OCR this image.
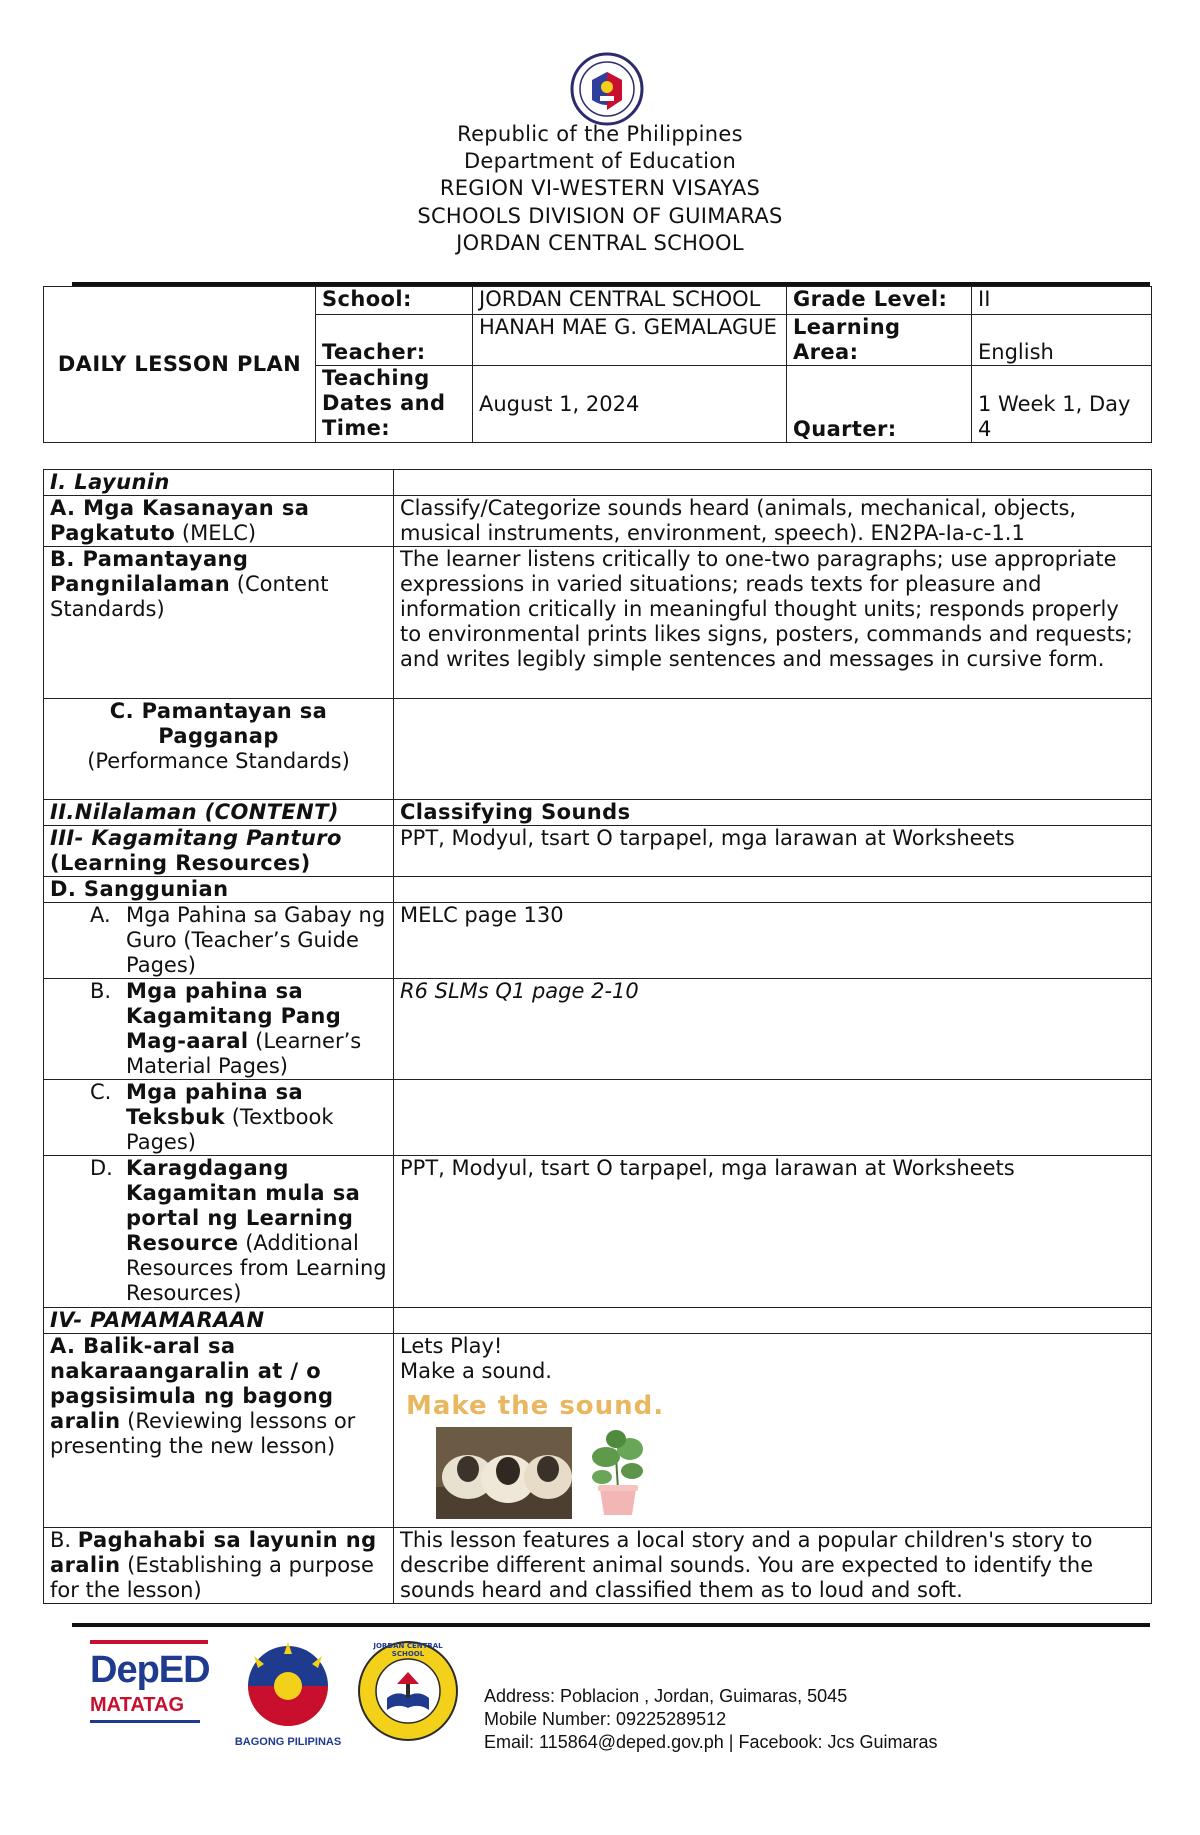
Republic of the Philippines
Department of Education
REGION VI-WESTERN VISAYAS
SCHOOLS DIVISION OF GUIMARAS
JORDAN CENTRAL SCHOOL
DAILY LESSON PLAN	School:	JORDAN CENTRAL SCHOOL	Grade Level:	II
	Teacher:	HANAH MAE G. GEMALAGUE	Learning Area:	English
	Teaching Dates and Time:	August 1, 2024	Quarter:	1 Week 1, Day 4
I. Layunin	
A. Mga Kasanayan sa Pagkatuto (MELC)	Classify/Categorize sounds heard (animals, mechanical, objects, musical instruments, environment, speech). EN2PA-Ia-c-1.1
B. Pamantayang Pangnilalaman (Content Standards)	The learner listens critically to one-two paragraphs; use appropriate expressions in varied situations; reads texts for pleasure and information critically in meaningful thought units; responds properly to environmental prints likes signs, posters, commands and requests; and writes legibly simple sentences and messages in cursive form.

C. Pamantayan sa Pagganap
(Performance Standards)	

II.Nilalaman (CONTENT)	Classifying Sounds

III- Kagamitang Panturo
(Learning Resources)	PPT, Modyul, tsart O tarpapel, mga larawan at Worksheets
D. Sanggunian	

A. Mga Pahina sa Gabay ng Guro (Teacher’s Guide Pages)	MELC page 130

B. Mga pahina sa Kagamitang Pang Mag-aaral (Learner’s Material Pages)	R6 SLMs Q1 page 2-10

C. Mga pahina sa Teksbuk (Textbook Pages)	

D. Karagdagang Kagamitan mula sa portal ng Learning Resource (Additional Resources from Learning Resources)	PPT, Modyul, tsart O tarpapel, mga larawan at Worksheets
IV- PAMAMARAAN	
A. Balik-aral sa nakaraangaralin at / o pagsisimula ng bagong aralin (Reviewing lessons or presenting the new lesson)	Lets Play!
Make a sound.
Make the sound.

B. Paghahabi sa layunin ng aralin (Establishing a purpose for the lesson)	This lesson features a local story and a popular children's story to describe different animal sounds. You are expected to identify the sounds heard and classified them as to loud and soft.
DepED
MATATAG
BAGONG PILIPINAS
JORDAN CENTRAL SCHOOL
Address: Poblacion , Jordan, Guimaras, 5045
Mobile Number: 09225289512
Email: 115864@deped.gov.ph | Facebook: Jcs Guimaras
